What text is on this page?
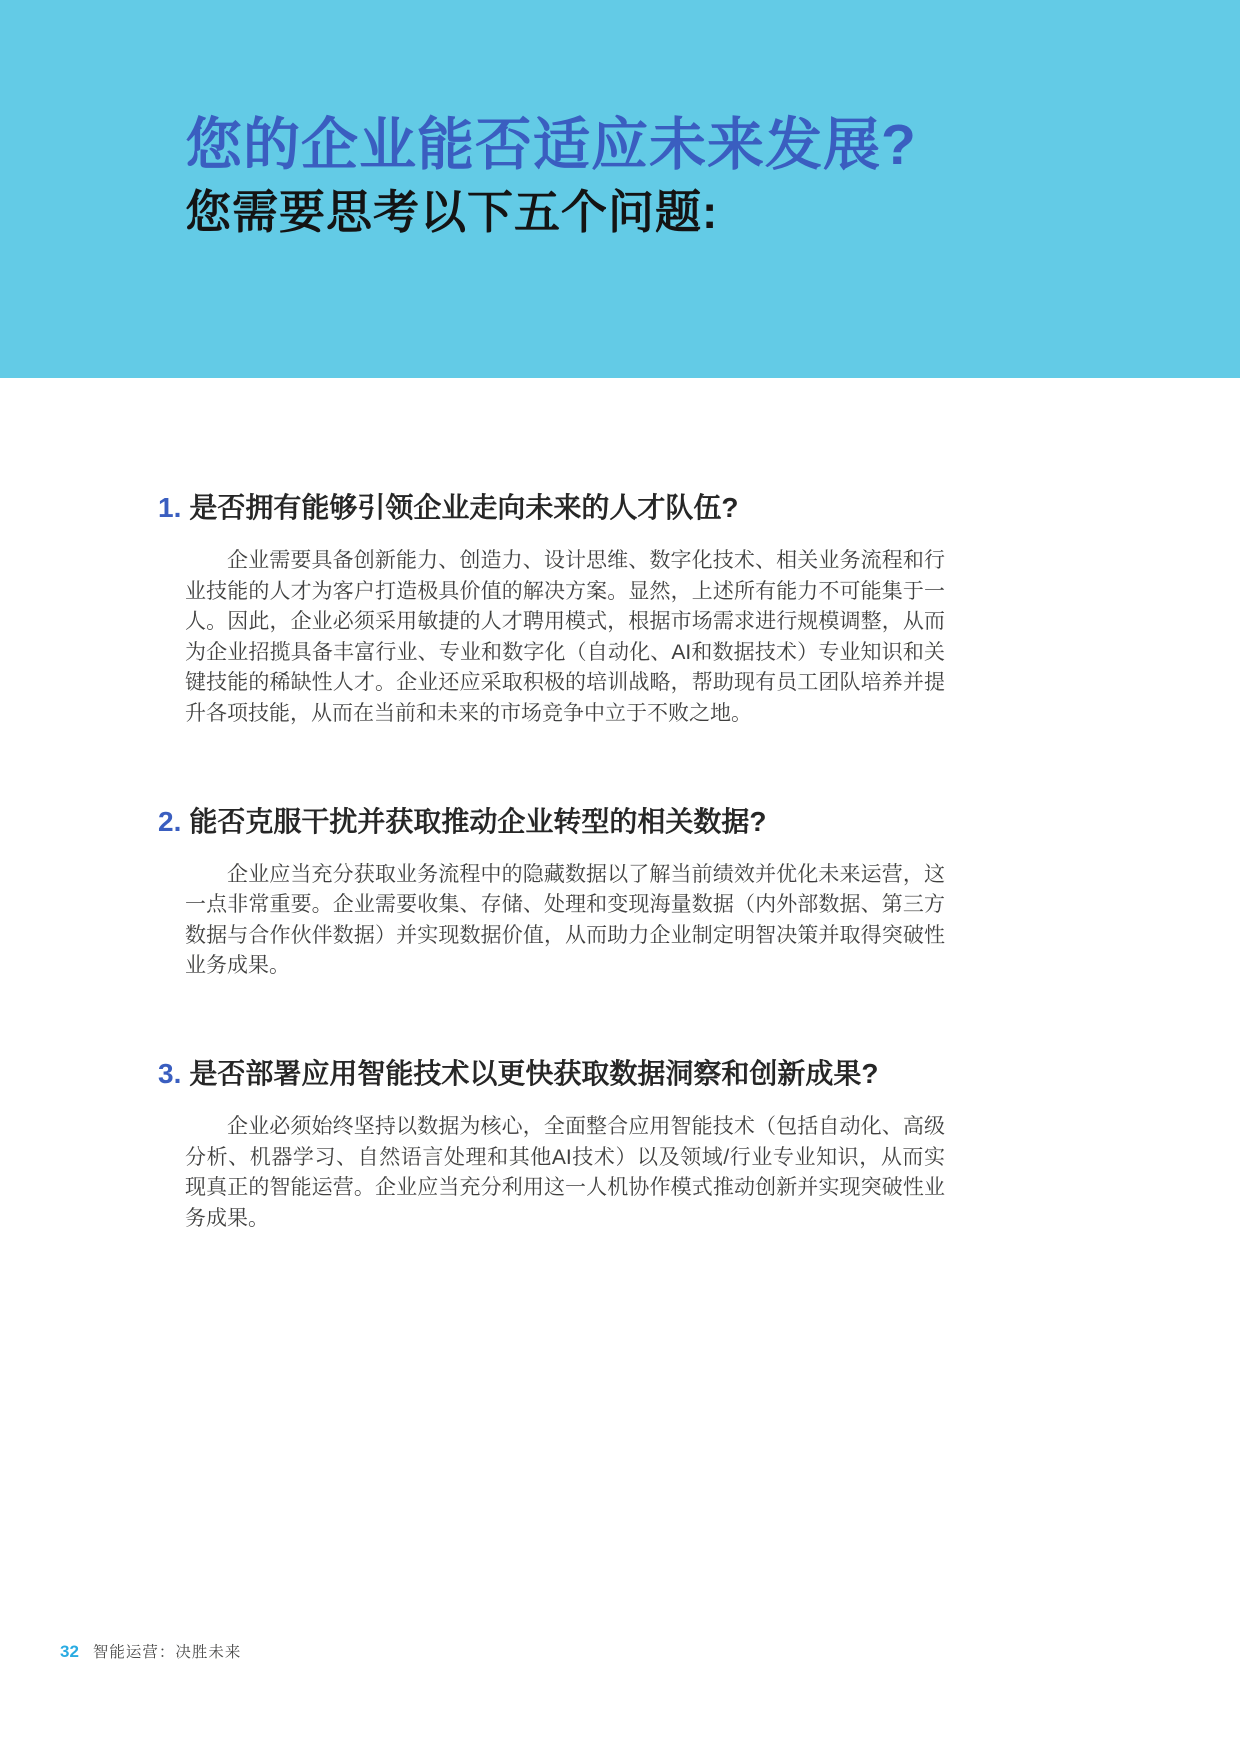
您的企业能否适应未来发展?
您需要思考以下五个问题:
1. 是否拥有能够引领企业走向未来的人才队伍?

企业需要具备创新能力、创造力、设计思维、数字化技术、相关业务流程和行业技能的人才为客户打造极具价值的解决方案。显然，上述所有能力不可能集于一人。因此，企业必须采用敏捷的人才聘用模式，根据市场需求进行规模调整，从而为企业招揽具备丰富行业、专业和数字化（自动化、AI和数据技术）专业知识和关键技能的稀缺性人才。企业还应采取积极的培训战略，帮助现有员工团队培养并提升各项技能，从而在当前和未来的市场竞争中立于不败之地。

2. 能否克服干扰并获取推动企业转型的相关数据?

企业应当充分获取业务流程中的隐藏数据以了解当前绩效并优化未来运营，这一点非常重要。企业需要收集、存储、处理和变现海量数据（内外部数据、第三方数据与合作伙伴数据）并实现数据价值，从而助力企业制定明智决策并取得突破性业务成果。

3. 是否部署应用智能技术以更快获取数据洞察和创新成果?

企业必须始终坚持以数据为核心，全面整合应用智能技术（包括自动化、高级分析、机器学习、自然语言处理和其他AI技术）以及领域/行业专业知识，从而实现真正的智能运营。企业应当充分利用这一人机协作模式推动创新并实现突破性业务成果。

32 智能运营：决胜未来
